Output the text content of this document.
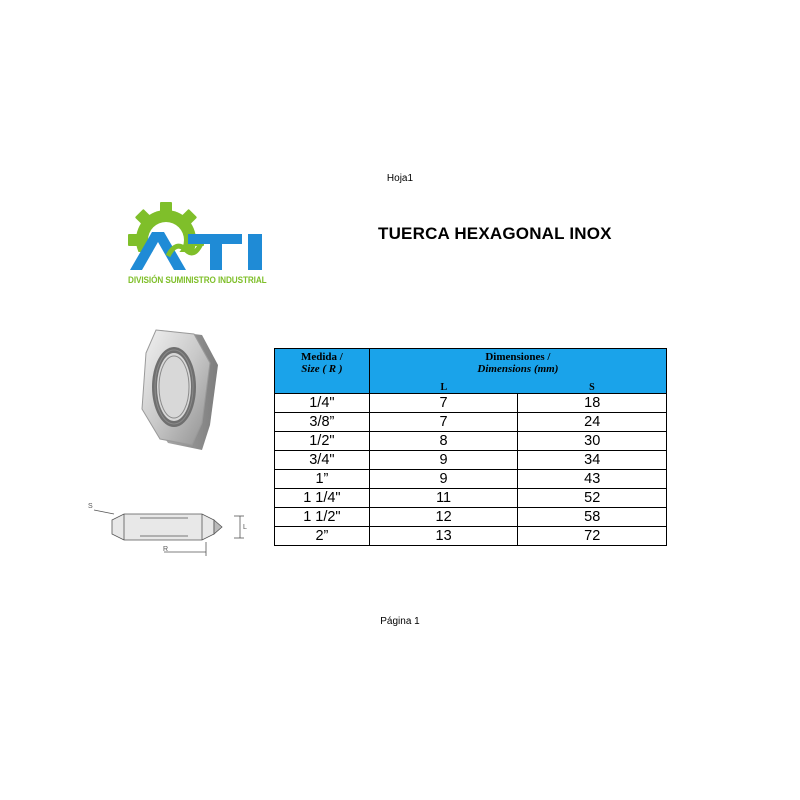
Hoja1
DIVISIÓN SUMINISTRO INDUSTRIAL
TUERCA HEXAGONAL INOX
S
L
R
Medida /
Size ( R )	Dimensiones /
Dimensions (mm)
L S	

1/4"	7	18
3/8”	7	24
1/2"	8	30
3/4"	9	34
1”	9	43
1 1/4"	11	52
1 1/2"	12	58
2”	13	72
Página 1
